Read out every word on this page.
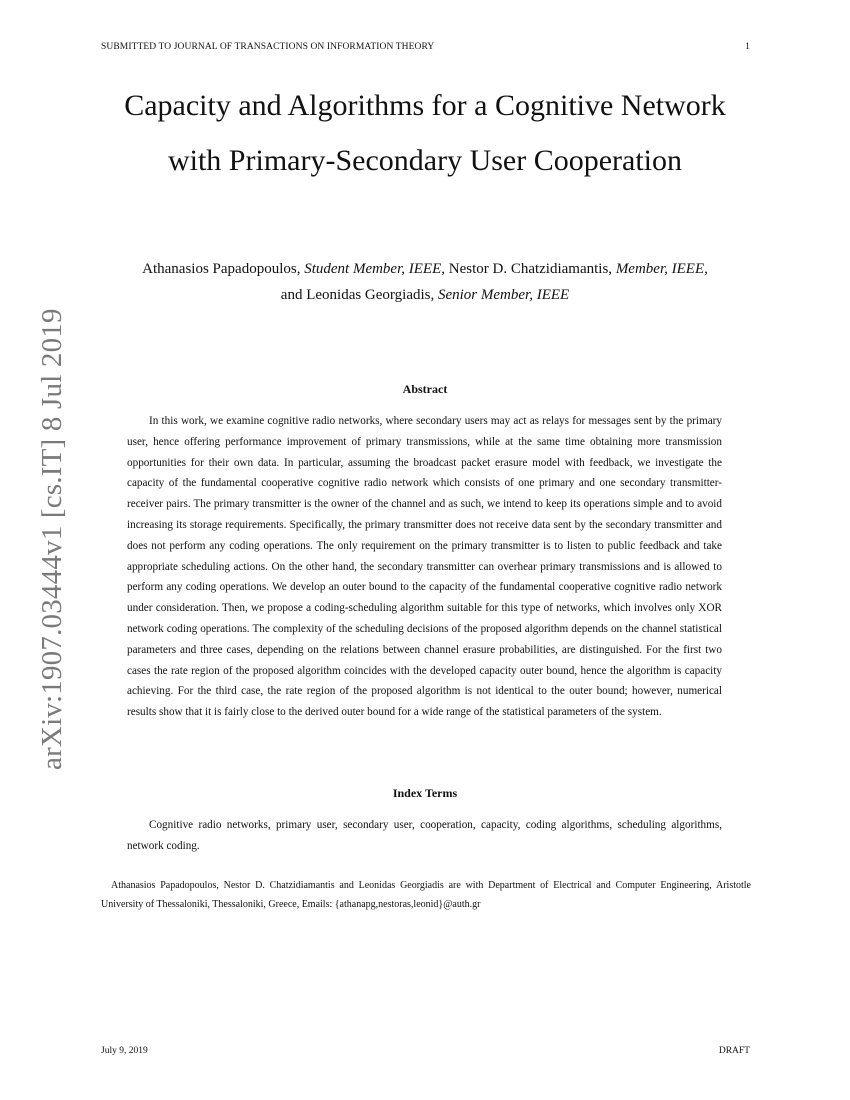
SUBMITTED TO JOURNAL OF TRANSACTIONS ON INFORMATION THEORY	1
arXiv:1907.03444v1 [cs.IT] 8 Jul 2019
Capacity and Algorithms for a Cognitive Network with Primary-Secondary User Cooperation
Athanasios Papadopoulos, Student Member, IEEE, Nestor D. Chatzidiamantis, Member, IEEE,
and Leonidas Georgiadis, Senior Member, IEEE
Abstract

In this work, we examine cognitive radio networks, where secondary users may act as relays for messages sent by the primary user, hence offering performance improvement of primary transmissions, while at the same time obtaining more transmission opportunities for their own data. In particular, assuming the broadcast packet erasure model with feedback, we investigate the capacity of the fundamental cooperative cognitive radio network which consists of one primary and one secondary transmitter-receiver pairs. The primary transmitter is the owner of the channel and as such, we intend to keep its operations simple and to avoid increasing its storage requirements. Specifically, the primary transmitter does not receive data sent by the secondary transmitter and does not perform any coding operations. The only requirement on the primary transmitter is to listen to public feedback and take appropriate scheduling actions. On the other hand, the secondary transmitter can overhear primary transmissions and is allowed to perform any coding operations. We develop an outer bound to the capacity of the fundamental cooperative cognitive radio network under consideration. Then, we propose a coding-scheduling algorithm suitable for this type of networks, which involves only XOR network coding operations. The complexity of the scheduling decisions of the proposed algorithm depends on the channel statistical parameters and three cases, depending on the relations between channel erasure probabilities, are distinguished. For the first two cases the rate region of the proposed algorithm coincides with the developed capacity outer bound, hence the algorithm is capacity achieving. For the third case, the rate region of the proposed algorithm is not identical to the outer bound; however, numerical results show that it is fairly close to the derived outer bound for a wide range of the statistical parameters of the system.

Index Terms

Cognitive radio networks, primary user, secondary user, cooperation, capacity, coding algorithms, scheduling algorithms, network coding.

Athanasios Papadopoulos, Nestor D. Chatzidiamantis and Leonidas Georgiadis are with Department of Electrical and Computer Engineering, Aristotle University of Thessaloniki, Thessaloniki, Greece, Emails: {athanapg,nestoras,leonid}@auth.gr

July 9, 2019	DRAFT
